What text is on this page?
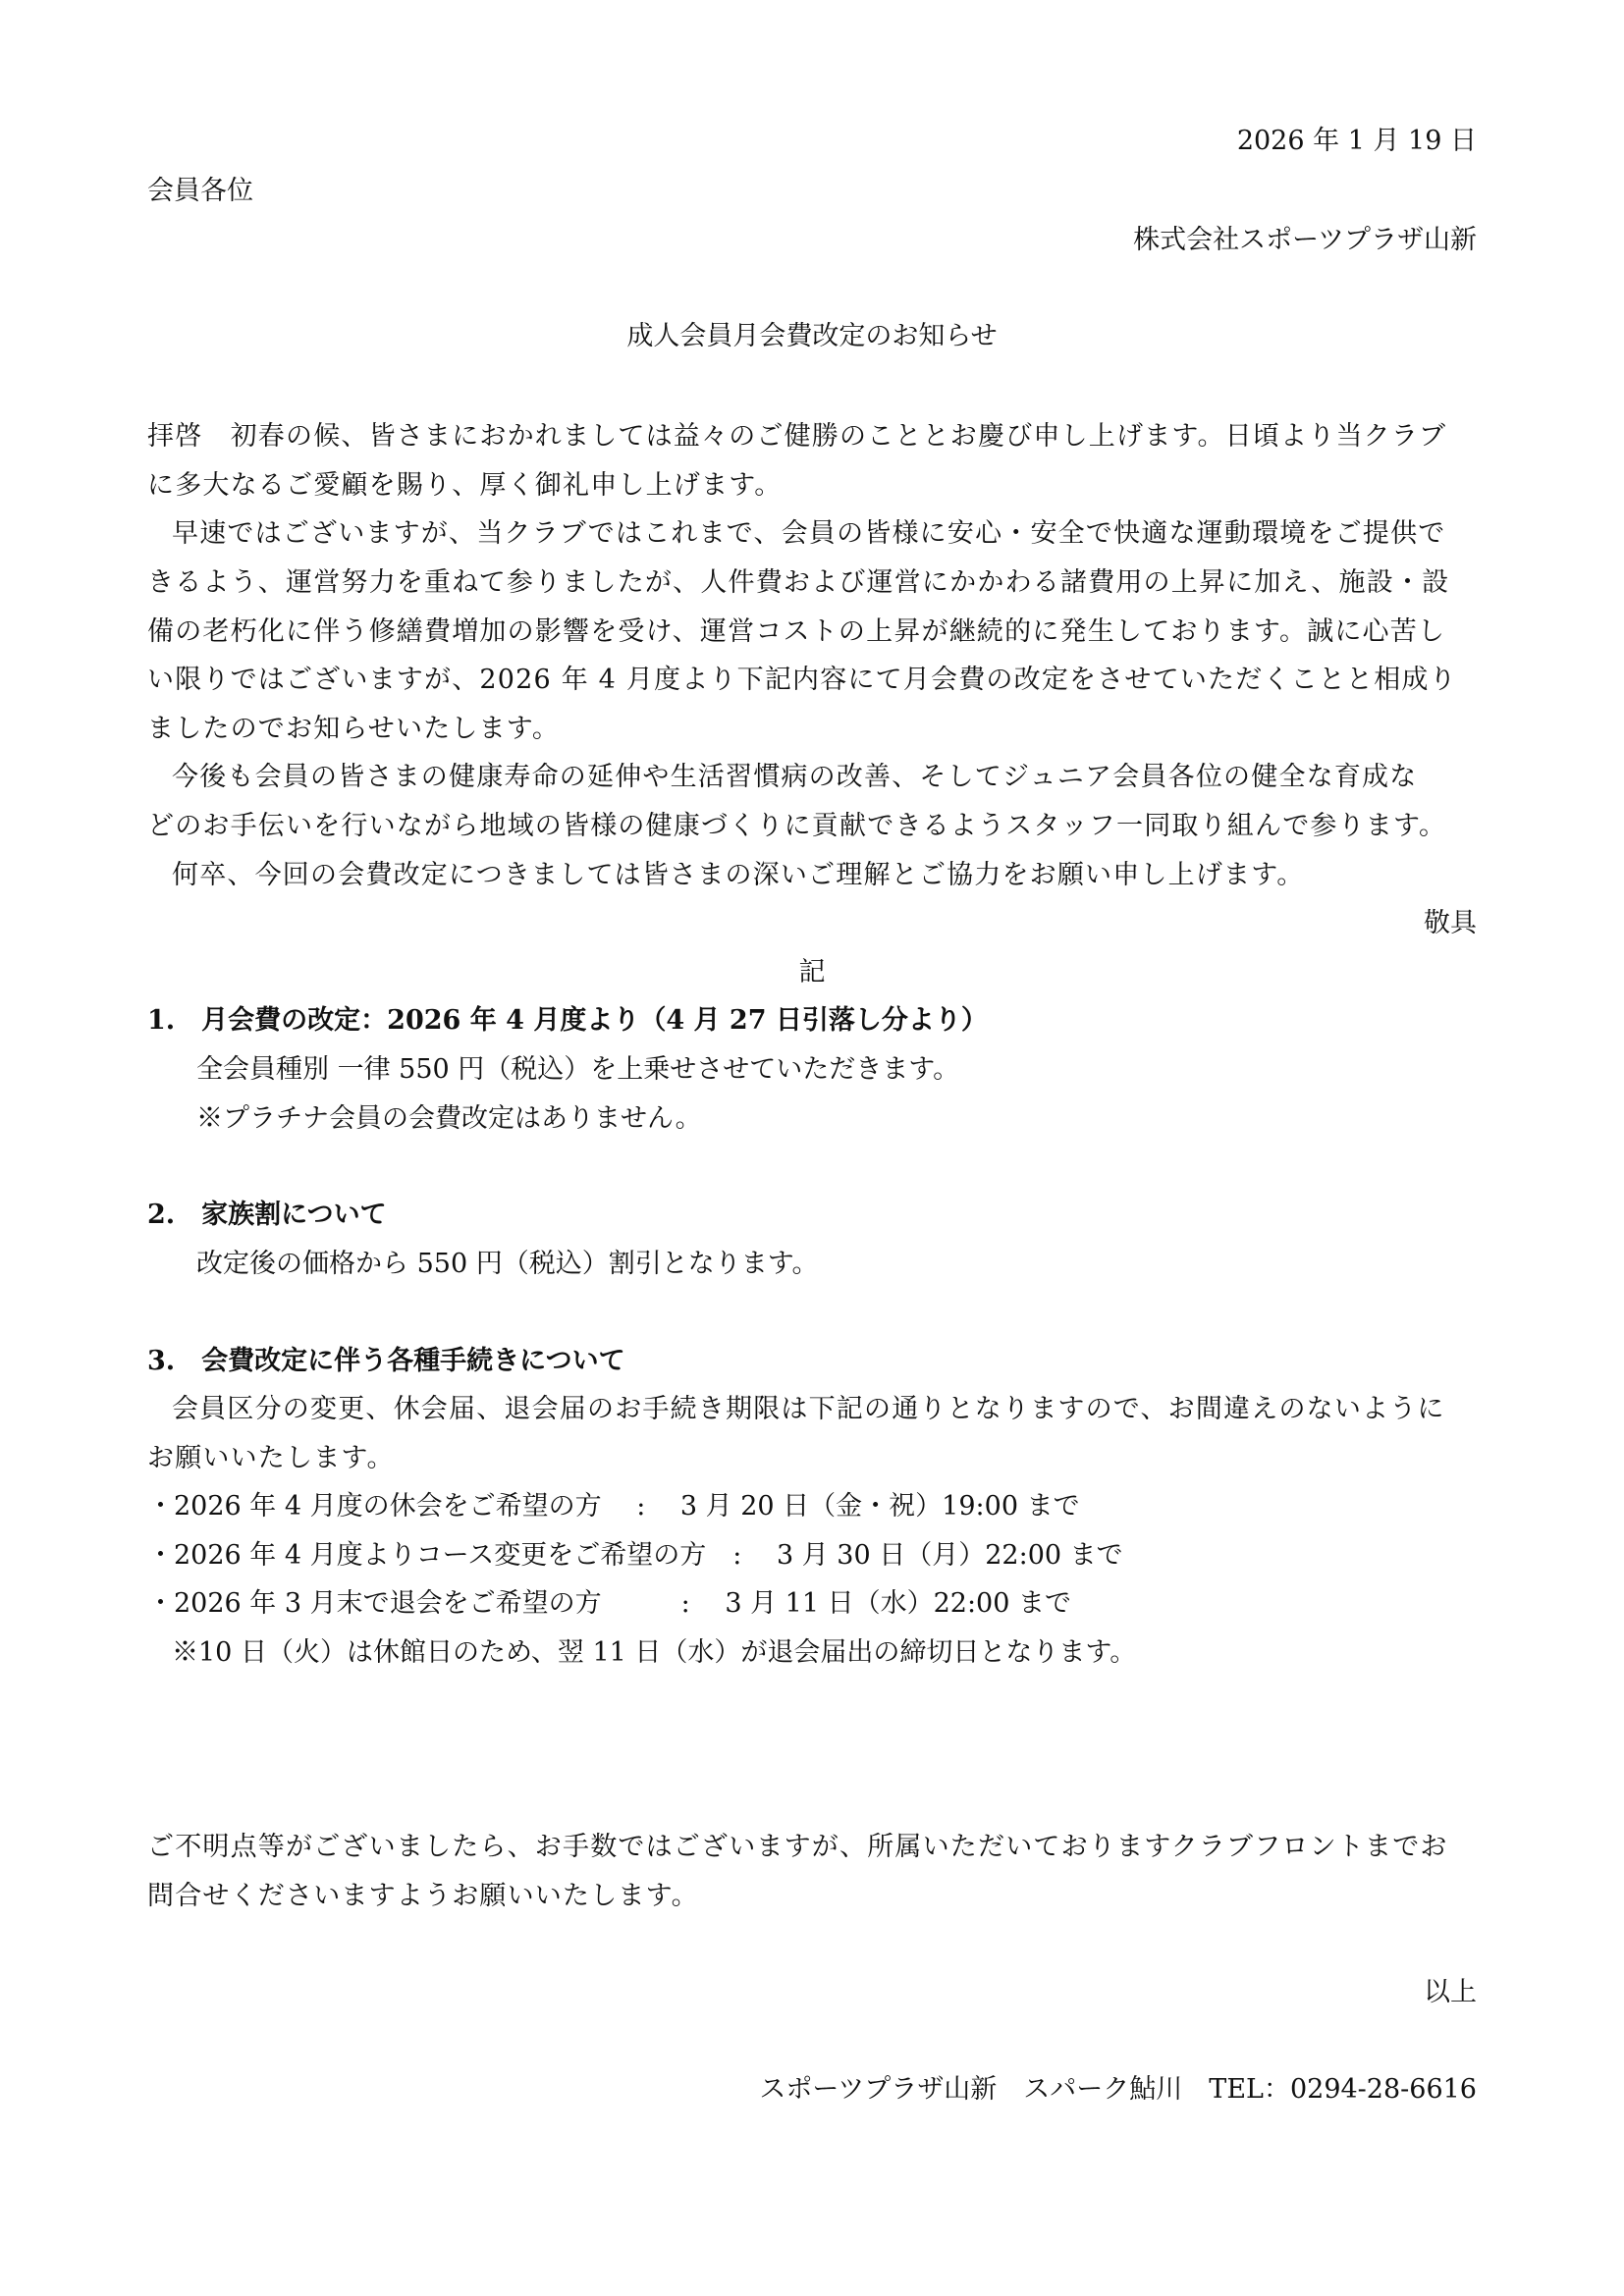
2026 年 1 月 19 日
会員各位
株式会社スポーツプラザ山新
成人会員月会費改定のお知らせ
拝啓　初春の候、皆さまにおかれましては益々のご健勝のこととお慶び申し上げます。日頃より当クラブ
に多大なるご愛顧を賜り、厚く御礼申し上げます。
早速ではございますが、当クラブではこれまで、会員の皆様に安心・安全で快適な運動環境をご提供で
きるよう、運営努力を重ねて参りましたが、人件費および運営にかかわる諸費用の上昇に加え、施設・設
備の老朽化に伴う修繕費増加の影響を受け、運営コストの上昇が継続的に発生しております。誠に心苦し
い限りではございますが、2026 年 4 月度より下記内容にて月会費の改定をさせていただくことと相成り
ましたのでお知らせいたします。
今後も会員の皆さまの健康寿命の延伸や生活習慣病の改善、そしてジュニア会員各位の健全な育成な
どのお手伝いを行いながら地域の皆様の健康づくりに貢献できるようスタッフ一同取り組んで参ります。
何卒、今回の会費改定につきましては皆さまの深いご理解とご協力をお願い申し上げます。
敬具
記
1.　月会費の改定：2026 年 4 月度より（4 月 27 日引落し分より）
全会員種別 一律 550 円（税込）を上乗せさせていただきます。
※プラチナ会員の会費改定はありません。
2.　家族割について
改定後の価格から 550 円（税込）割引となります。
3.　会費改定に伴う各種手続きについて
会員区分の変更、休会届、退会届のお手続き期限は下記の通りとなりますので、お間違えのないように
お願いいたします。
・2026 年 4 月度の休会をご希望の方　 :　 3 月 20 日（金・祝）19:00 まで
・2026 年 4 月度よりコース変更をご希望の方　:　 3 月 30 日（月）22:00 まで
・2026 年 3 月末で退会をご希望の方　　　:　 3 月 11 日（水）22:00 まで
※10 日（火）は休館日のため、翌 11 日（水）が退会届出の締切日となります。
ご不明点等がございましたら、お手数ではございますが、所属いただいておりますクラブフロントまでお
問合せくださいますようお願いいたします。
以上
スポーツプラザ山新　スパーク鮎川　TEL：0294-28-6616
